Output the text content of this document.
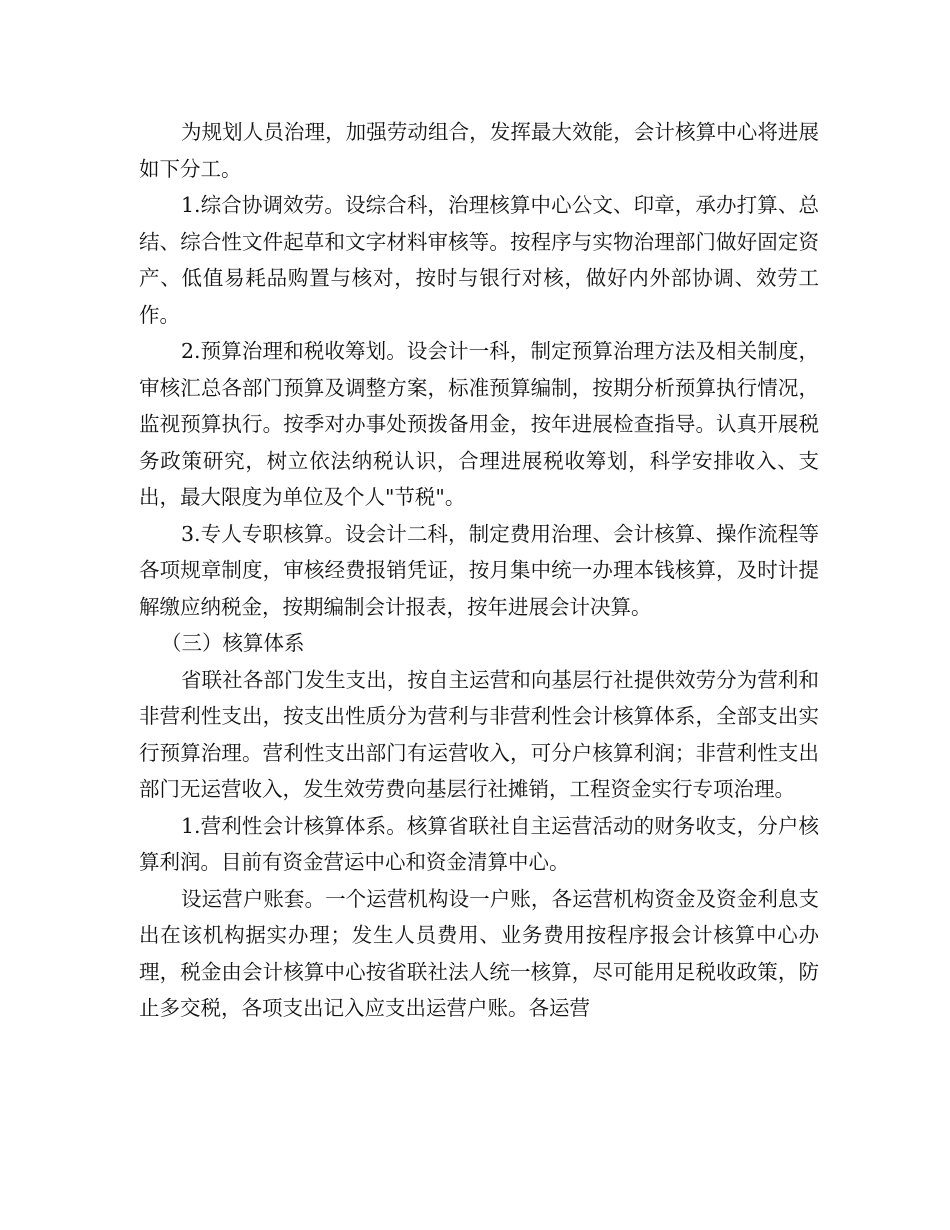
为规划人员治理，加强劳动组合，发挥最大效能，会计核算中心将进展如下分工。

1.综合协调效劳。设综合科，治理核算中心公文、印章，承办打算、总结、综合性文件起草和文字材料审核等。按程序与实物治理部门做好固定资产、低值易耗品购置与核对，按时与银行对核，做好内外部协调、效劳工作。

2.预算治理和税收筹划。设会计一科，制定预算治理方法及相关制度，审核汇总各部门预算及调整方案，标准预算编制，按期分析预算执行情况，监视预算执行。按季对办事处预拨备用金，按年进展检查指导。认真开展税务政策研究，树立依法纳税认识，合理进展税收筹划，科学安排收入、支出，最大限度为单位及个人"节税"。

3.专人专职核算。设会计二科，制定费用治理、会计核算、操作流程等各项规章制度，审核经费报销凭证，按月集中统一办理本钱核算，及时计提解缴应纳税金，按期编制会计报表，按年进展会计决算。

（三）核算体系

省联社各部门发生支出，按自主运营和向基层行社提供效劳分为营利和非营利性支出，按支出性质分为营利与非营利性会计核算体系，全部支出实行预算治理。营利性支出部门有运营收入，可分户核算利润；非营利性支出部门无运营收入，发生效劳费向基层行社摊销，工程资金实行专项治理。

1.营利性会计核算体系。核算省联社自主运营活动的财务收支，分户核算利润。目前有资金营运中心和资金清算中心。

设运营户账套。一个运营机构设一户账，各运营机构资金及资金利息支出在该机构据实办理；发生人员费用、业务费用按程序报会计核算中心办理，税金由会计核算中心按省联社法人统一核算，尽可能用足税收政策，防止多交税，各项支出记入应支出运营户账。各运营
